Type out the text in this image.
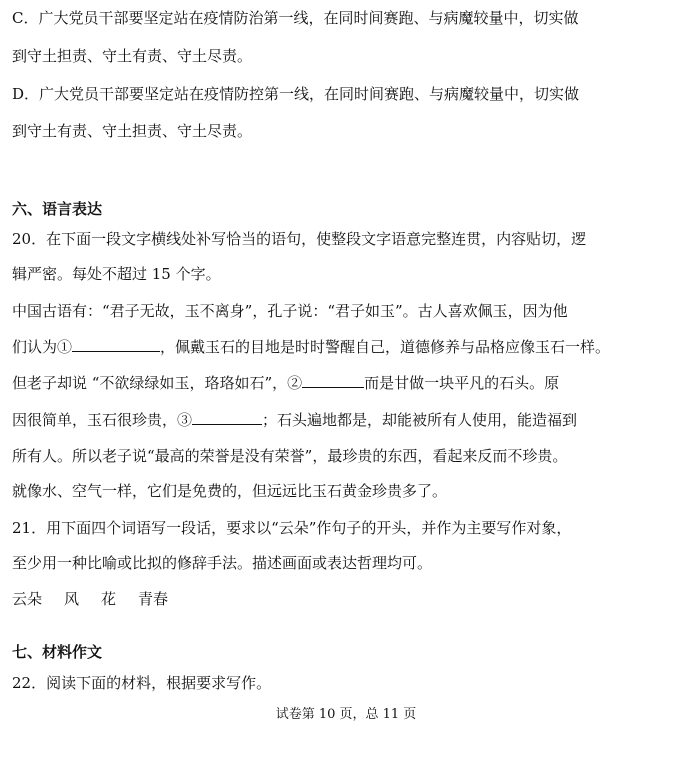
C．广大党员干部要坚定站在疫情防治第一线，在同时间赛跑、与病魔较量中，切实做
到守土担责、守土有责、守土尽责。
D．广大党员干部要坚定站在疫情防控第一线，在同时间赛跑、与病魔较量中，切实做
到守土有责、守土担责、守土尽责。
六、语言表达
20．在下面一段文字横线处补写恰当的语句，使整段文字语意完整连贯，内容贴切，逻
辑严密。每处不超过 15 个字。
中国古语有：“君子无故，玉不离身”，孔子说：“君子如玉”。古人喜欢佩玉，因为他
们认为①	，佩戴玉石的目地是时时警醒自己，道德修养与品格应像玉石一样。
但老子却说 “不欲绿绿如玉，珞珞如石”，②	而是甘做一块平凡的石头。原
因很简单，玉石很珍贵，③	；石头遍地都是，却能被所有人使用，能造福到
所有人。所以老子说“最高的荣誉是没有荣誉”，最珍贵的东西，看起来反而不珍贵。
就像水、空气一样，它们是免费的，但远远比玉石黄金珍贵多了。
21．用下面四个词语写一段话，要求以“云朵”作句子的开头，并作为主要写作对象，
至少用一种比喻或比拟的修辞手法。描述画面或表达哲理均可。
云朵 风 花 青春
七、材料作文
22．阅读下面的材料，根据要求写作。
试卷第 10 页，总 11 页
